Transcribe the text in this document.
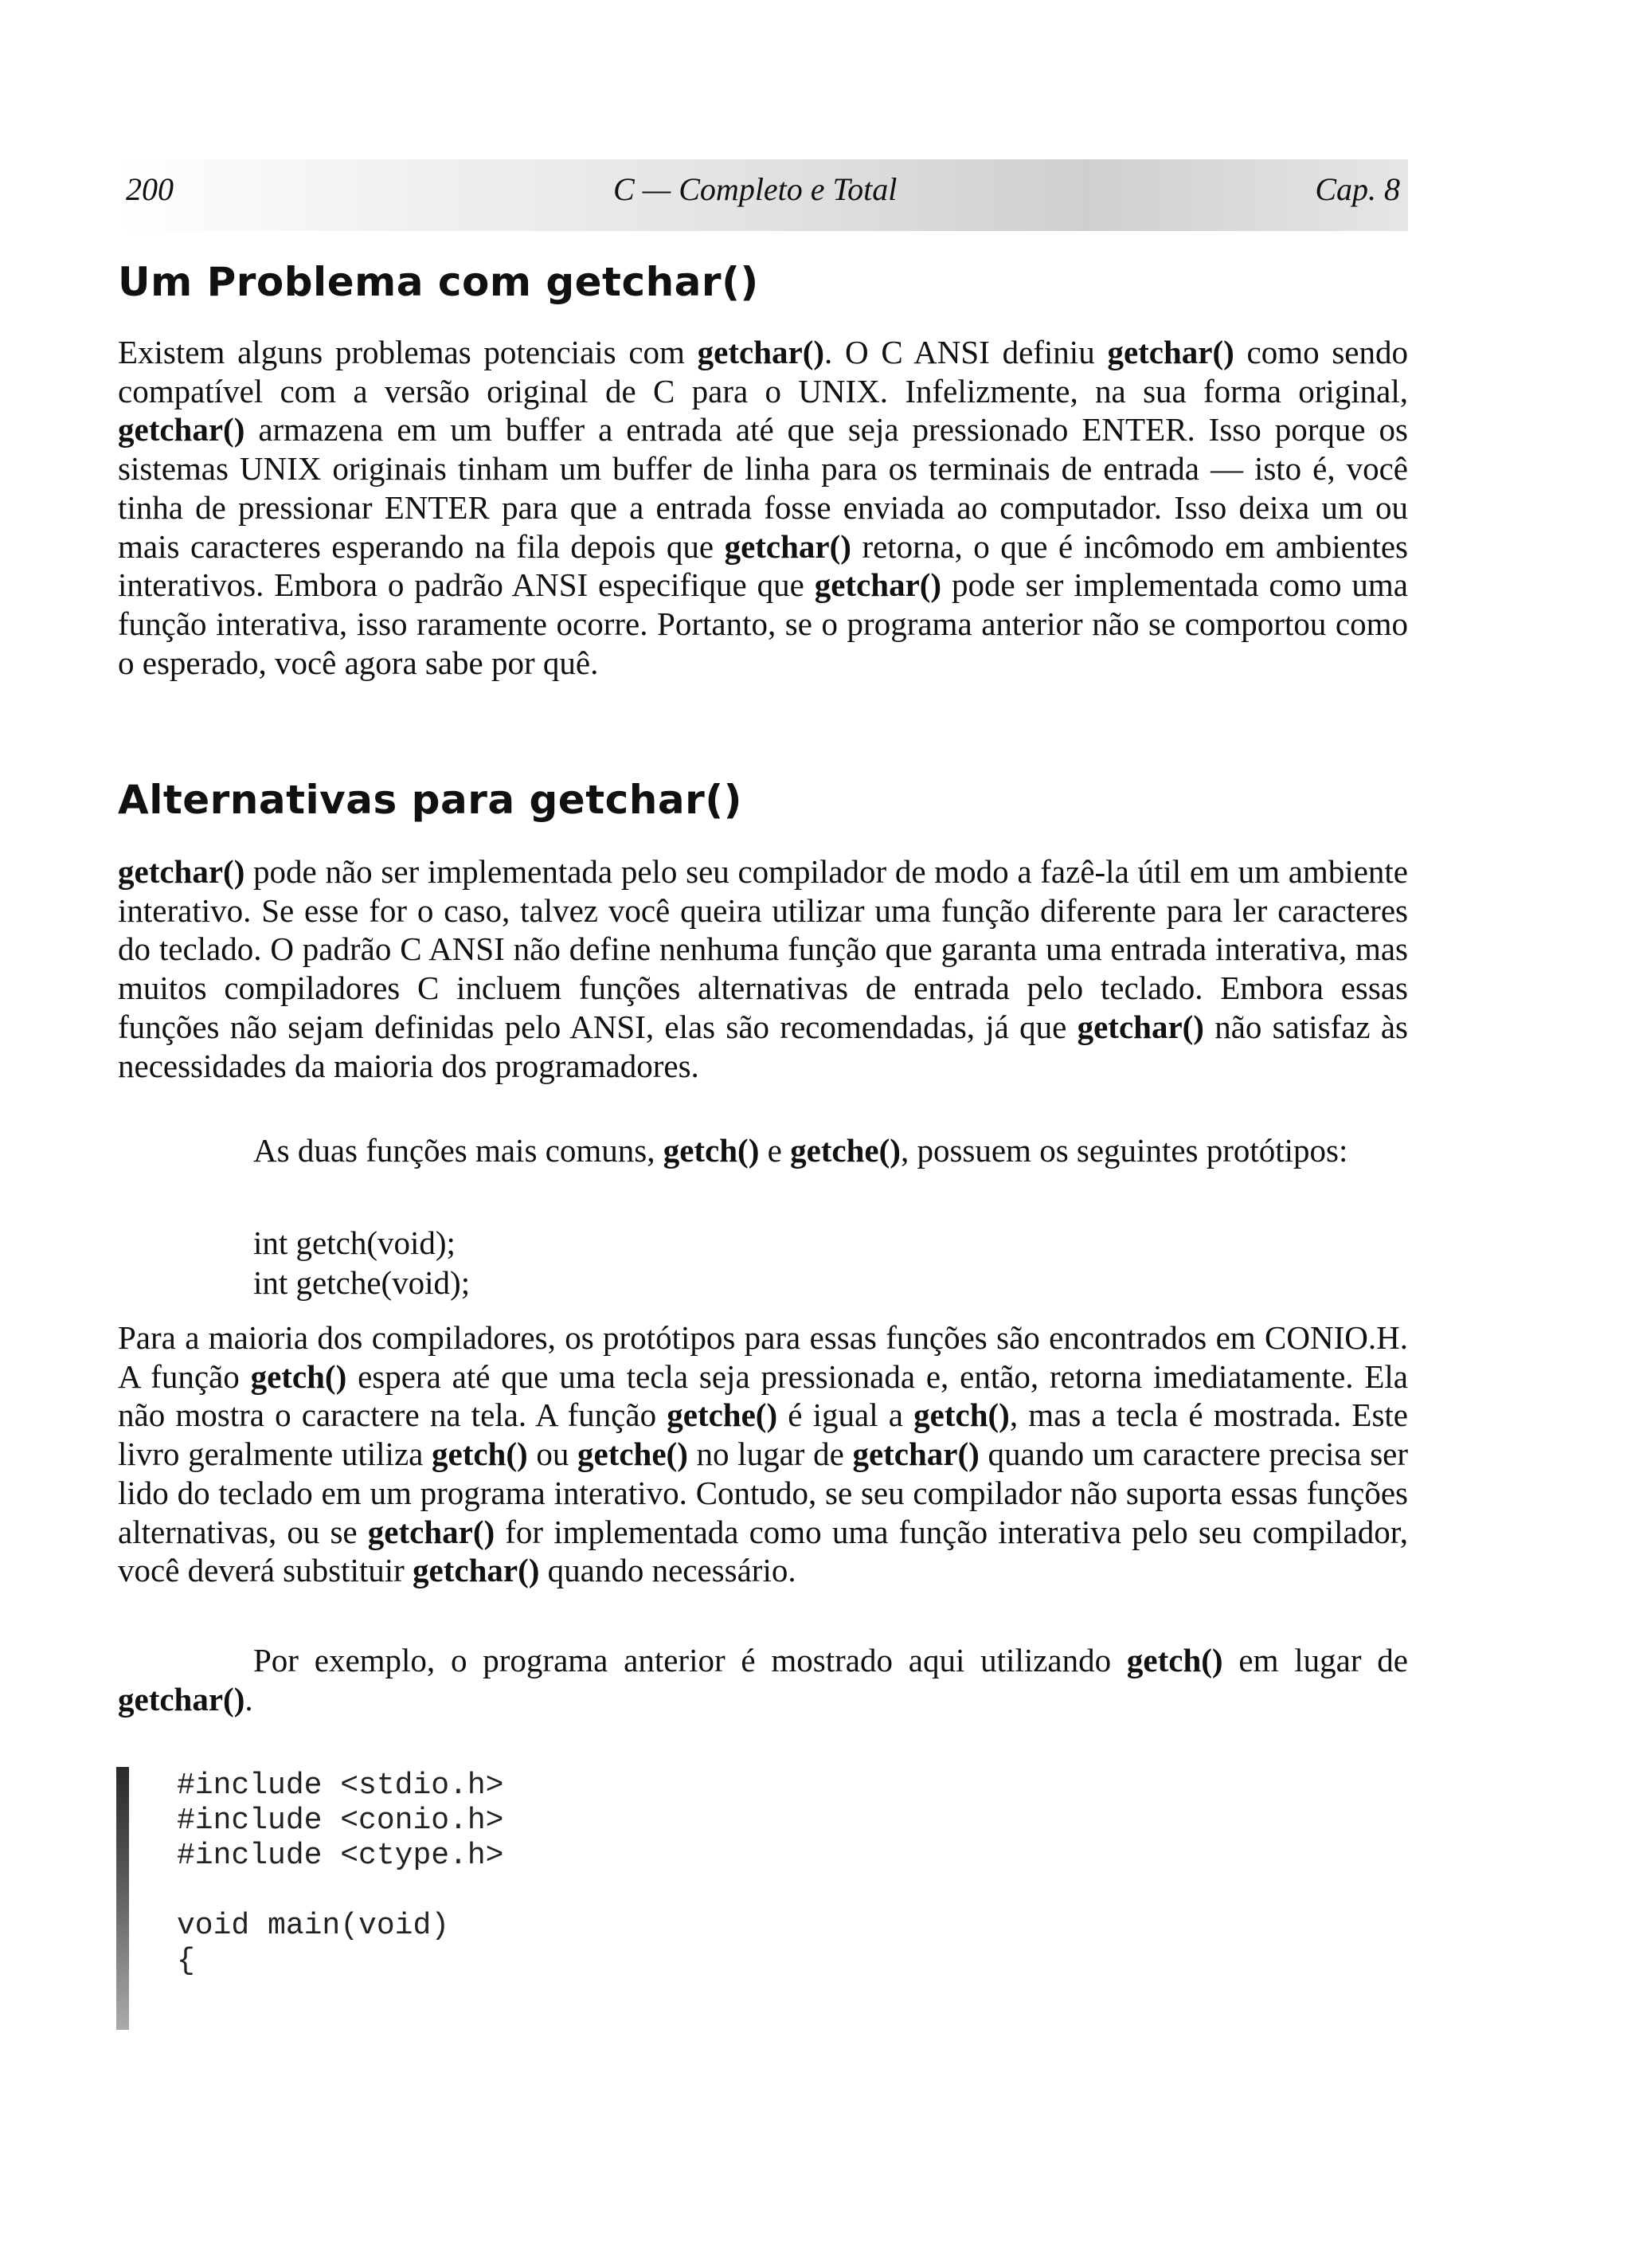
200	C — Completo e Total	Cap. 8
Um Problema com getchar()

Existem alguns problemas potenciais com getchar(). O C ANSI definiu getchar() como sendo compatível com a versão original de C para o UNIX. Infelizmente, na sua forma original, getchar() armazena em um buffer a entrada até que seja pressionado ENTER. Isso porque os sistemas UNIX originais tinham um buffer de linha para os terminais de entrada — isto é, você tinha de pressionar ENTER para que a entrada fosse enviada ao computador. Isso deixa um ou mais caracteres esperando na fila depois que getchar() retorna, o que é incômodo em ambientes interativos. Embora o padrão ANSI especifique que getchar() pode ser implementada como uma função interativa, isso raramente ocorre. Portanto, se o programa anterior não se comportou como o esperado, você agora sabe por quê.

Alternativas para getchar()

getchar() pode não ser implementada pelo seu compilador de modo a fazê-la útil em um ambiente interativo. Se esse for o caso, talvez você queira utilizar uma função diferente para ler caracteres do teclado. O padrão C ANSI não define nenhuma função que garanta uma entrada interativa, mas muitos compiladores C incluem funções alternativas de entrada pelo teclado. Embora essas funções não sejam definidas pelo ANSI, elas são recomendadas, já que getchar() não satisfaz às necessidades da maioria dos programadores.

As duas funções mais comuns, getch() e getche(), possuem os seguintes protótipos:

int getch(void);
int getche(void);

Para a maioria dos compiladores, os protótipos para essas funções são encontrados em CONIO.H. A função getch() espera até que uma tecla seja pressionada e, então, retorna imediatamente. Ela não mostra o caractere na tela. A função getche() é igual a getch(), mas a tecla é mostrada. Este livro geralmente utiliza getch() ou getche() no lugar de getchar() quando um caractere precisa ser lido do teclado em um programa interativo. Contudo, se seu compilador não suporta essas funções alternativas, ou se getchar() for implementada como uma função interativa pelo seu compilador, você deverá substituir getchar() quando necessário.

Por exemplo, o programa anterior é mostrado aqui utilizando getch() em lugar de getchar().

#include <stdio.h>
#include <conio.h>
#include <ctype.h>
void main(void)
{
